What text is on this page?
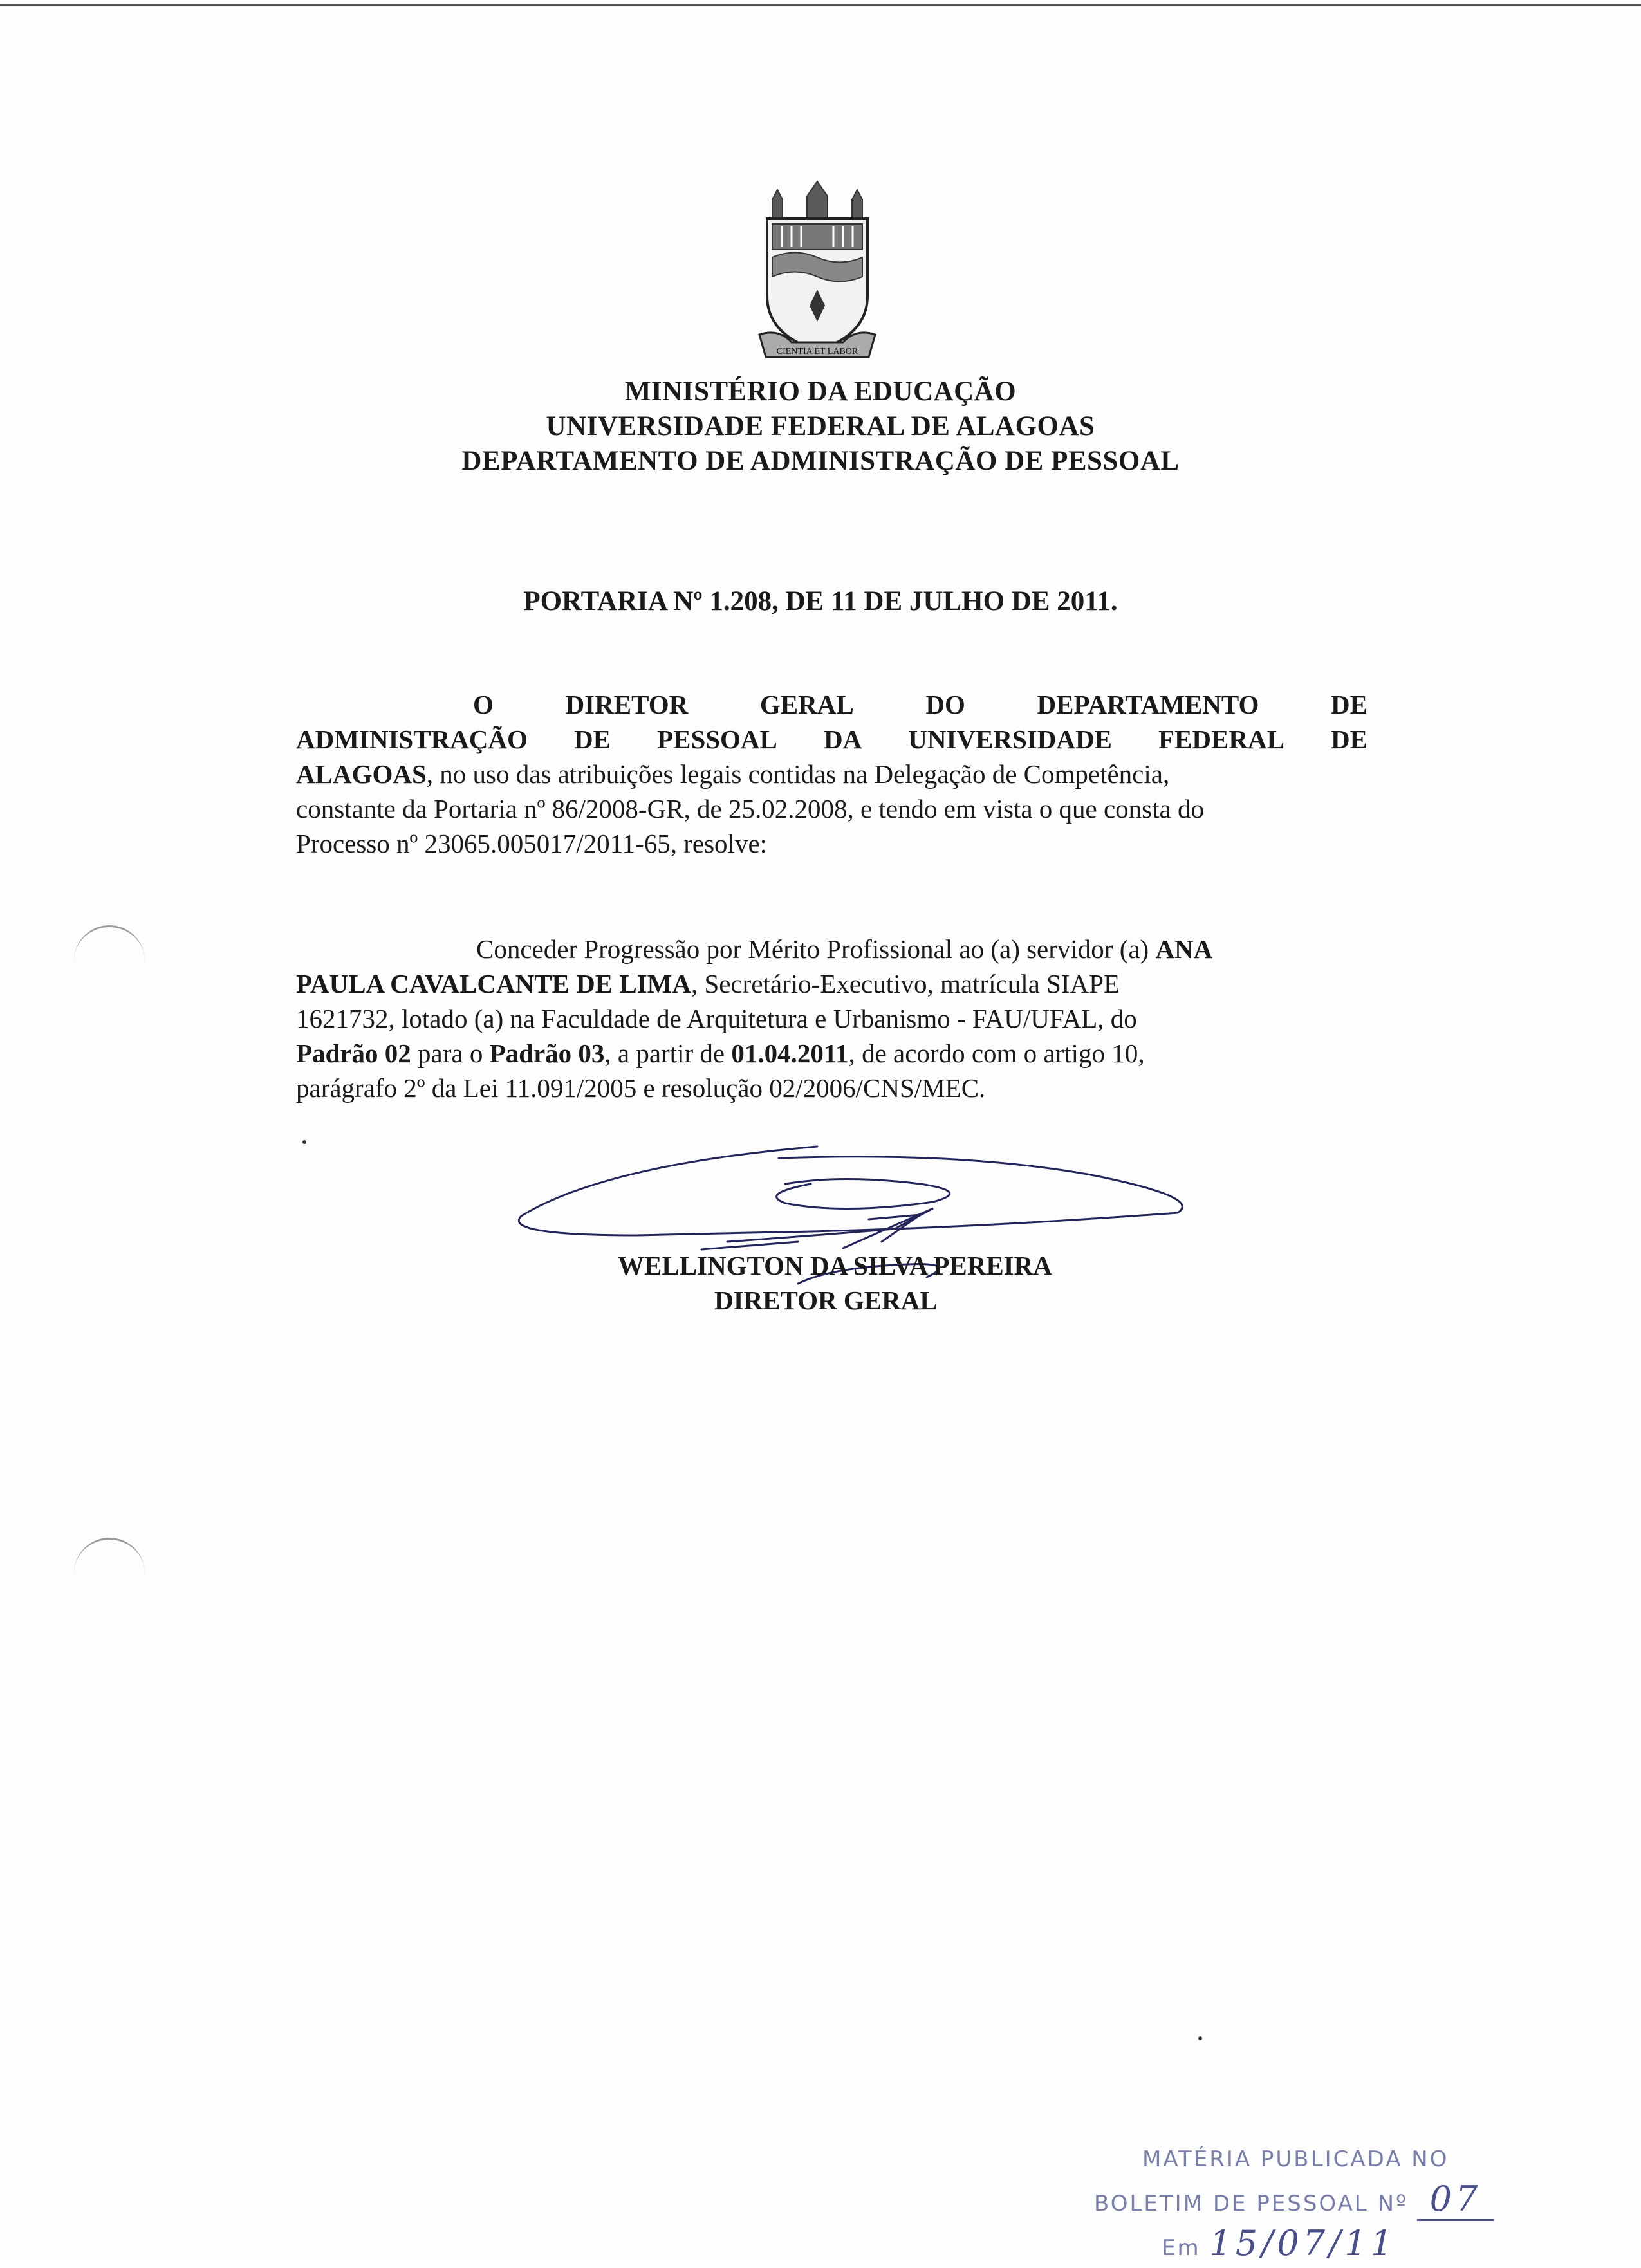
CIENTIA ET LABOR
MINISTÉRIO DA EDUCAÇÃO
UNIVERSIDADE FEDERAL DE ALAGOAS
DEPARTAMENTO DE ADMINISTRAÇÃO DE PESSOAL
PORTARIA Nº 1.208, DE 11 DE JULHO DE 2011.
O	DIRETOR	GERAL	DO	DEPARTAMENTO	DE
ADMINISTRAÇÃO DE PESSOAL DA UNIVERSIDADE FEDERAL DE
ALAGOAS , no uso das atribuições legais contidas na Delegação de Competência,
constante da Portaria nº 86/2008-GR, de 25.02.2008, e tendo em vista o que consta do
Processo nº 23065.005017/2011-65, resolve:
Conceder Progressão por Mérito Profissional ao (a) servidor (a)
ANA
PAULA CAVALCANTE DE LIMA , Secretário-Executivo, matrícula SIAPE
1621732, lotado (a) na Faculdade de Arquitetura e Urbanismo - FAU/UFAL, do
Padrão 02 para o Padrão 03 , a partir de 01.04.2011 , de acordo com o artigo 10,
parágrafo 2º da Lei 11.091/2005 e resolução 02/2006/CNS/MEC.
WELLINGTON DA SILVA PEREIRA
DIRETOR GERAL
MATÉRIA PUBLICADA NO
BOLETIM DE PESSOAL Nº 07
Em 15/07/11
